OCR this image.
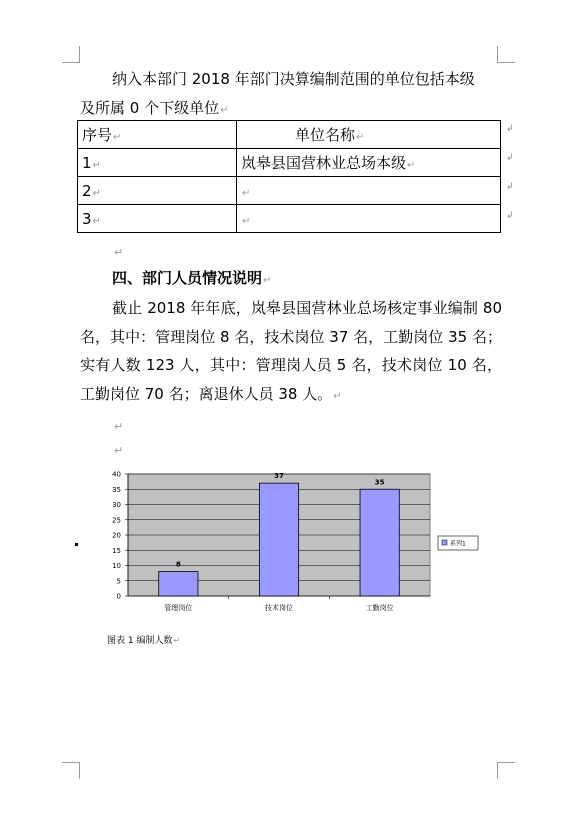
纳入本部门 2018 年部门决算编制范围的单位包括本级
及所属 0 个下级单位↵
序号↵	单位名称↵
1↵	岚皋县国营林业总场本级↵
2↵	↵
3↵	↵
↲
↲
↲
↲
↵
四、部门人员情况说明↵
截止 2018 年年底，岚皋县国营林业总场核定事业编制 80 名，其中：管理岗位 8 名，技术岗位 37 名，工勤岗位 35 名；实有人数 123 人，其中：管理岗人员 5 名，技术岗位 10 名，工勤岗位 70 名；离退休人员 38 人。↵
↵
↵
0
5
10
15
20
25
30
35
40
8
管理岗位
37
技术岗位
35
工勤岗位
系列1
图表 1 编制人数↵
